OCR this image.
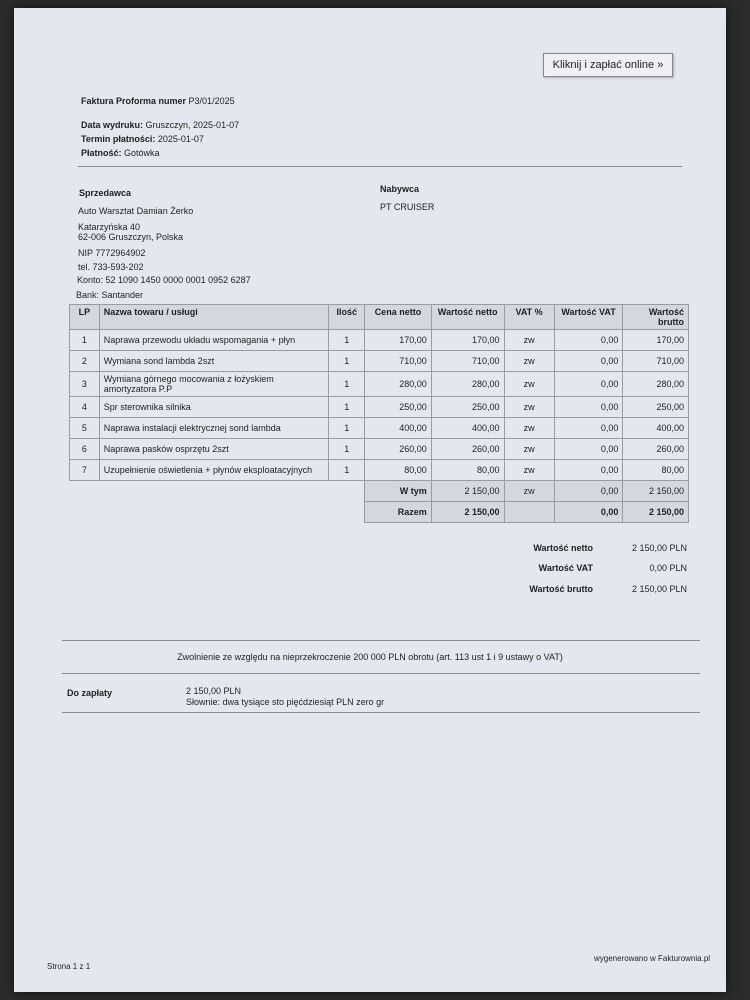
Kliknij i zapłać online »
Faktura Proforma numer P3/01/2025
Data wydruku: Gruszczyn, 2025-01-07
Termin płatności: 2025-01-07
Płatność: Gotówka
Sprzedawca
Auto Warsztat Damian Żerko
Katarzyńska 40
62-006 Gruszczyn, Polska
NIP 7772964902
tel. 733-593-202
Konto: 52 1090 1450 0000 0001 0952 6287
Bank: Santander
Nabywca
PT CRUISER
LP	Nazwa towaru / usługi	Ilość	Cena netto	Wartość netto	VAT %	Wartość VAT	Wartość brutto
1	Naprawa przewodu układu wspomagania + płyn	1	170,00	170,00	zw	0,00	170,00
2	Wymiana sond lambda 2szt	1	710,00	710,00	zw	0,00	710,00
3	Wymiana górnego mocowania z łożyskiem amortyzatora P.P	1	280,00	280,00	zw	0,00	280,00
4	Spr sterownika silnika	1	250,00	250,00	zw	0,00	250,00
5	Naprawa instalacji elektrycznej sond lambda	1	400,00	400,00	zw	0,00	400,00
6	Naprawa pasków osprzętu 2szt	1	260,00	260,00	zw	0,00	260,00
7	Uzupełnienie oświetlenia + płynów eksploatacyjnych	1	80,00	80,00	zw	0,00	80,00
			W tym	2 150,00	zw	0,00	2 150,00
			Razem	2 150,00		0,00	2 150,00
Wartość netto	2 150,00 PLN
Wartość VAT	0,00 PLN
Wartość brutto	2 150,00 PLN
Zwolnienie ze względu na nieprzekroczenie 200 000 PLN obrotu (art. 113 ust 1 i 9 ustawy o VAT)
Do zapłaty	2 150,00 PLN
Słownie: dwa tysiące sto pięćdziesiąt PLN zero gr
Strona 1 z 1
wygenerowano w Fakturownia.pl
